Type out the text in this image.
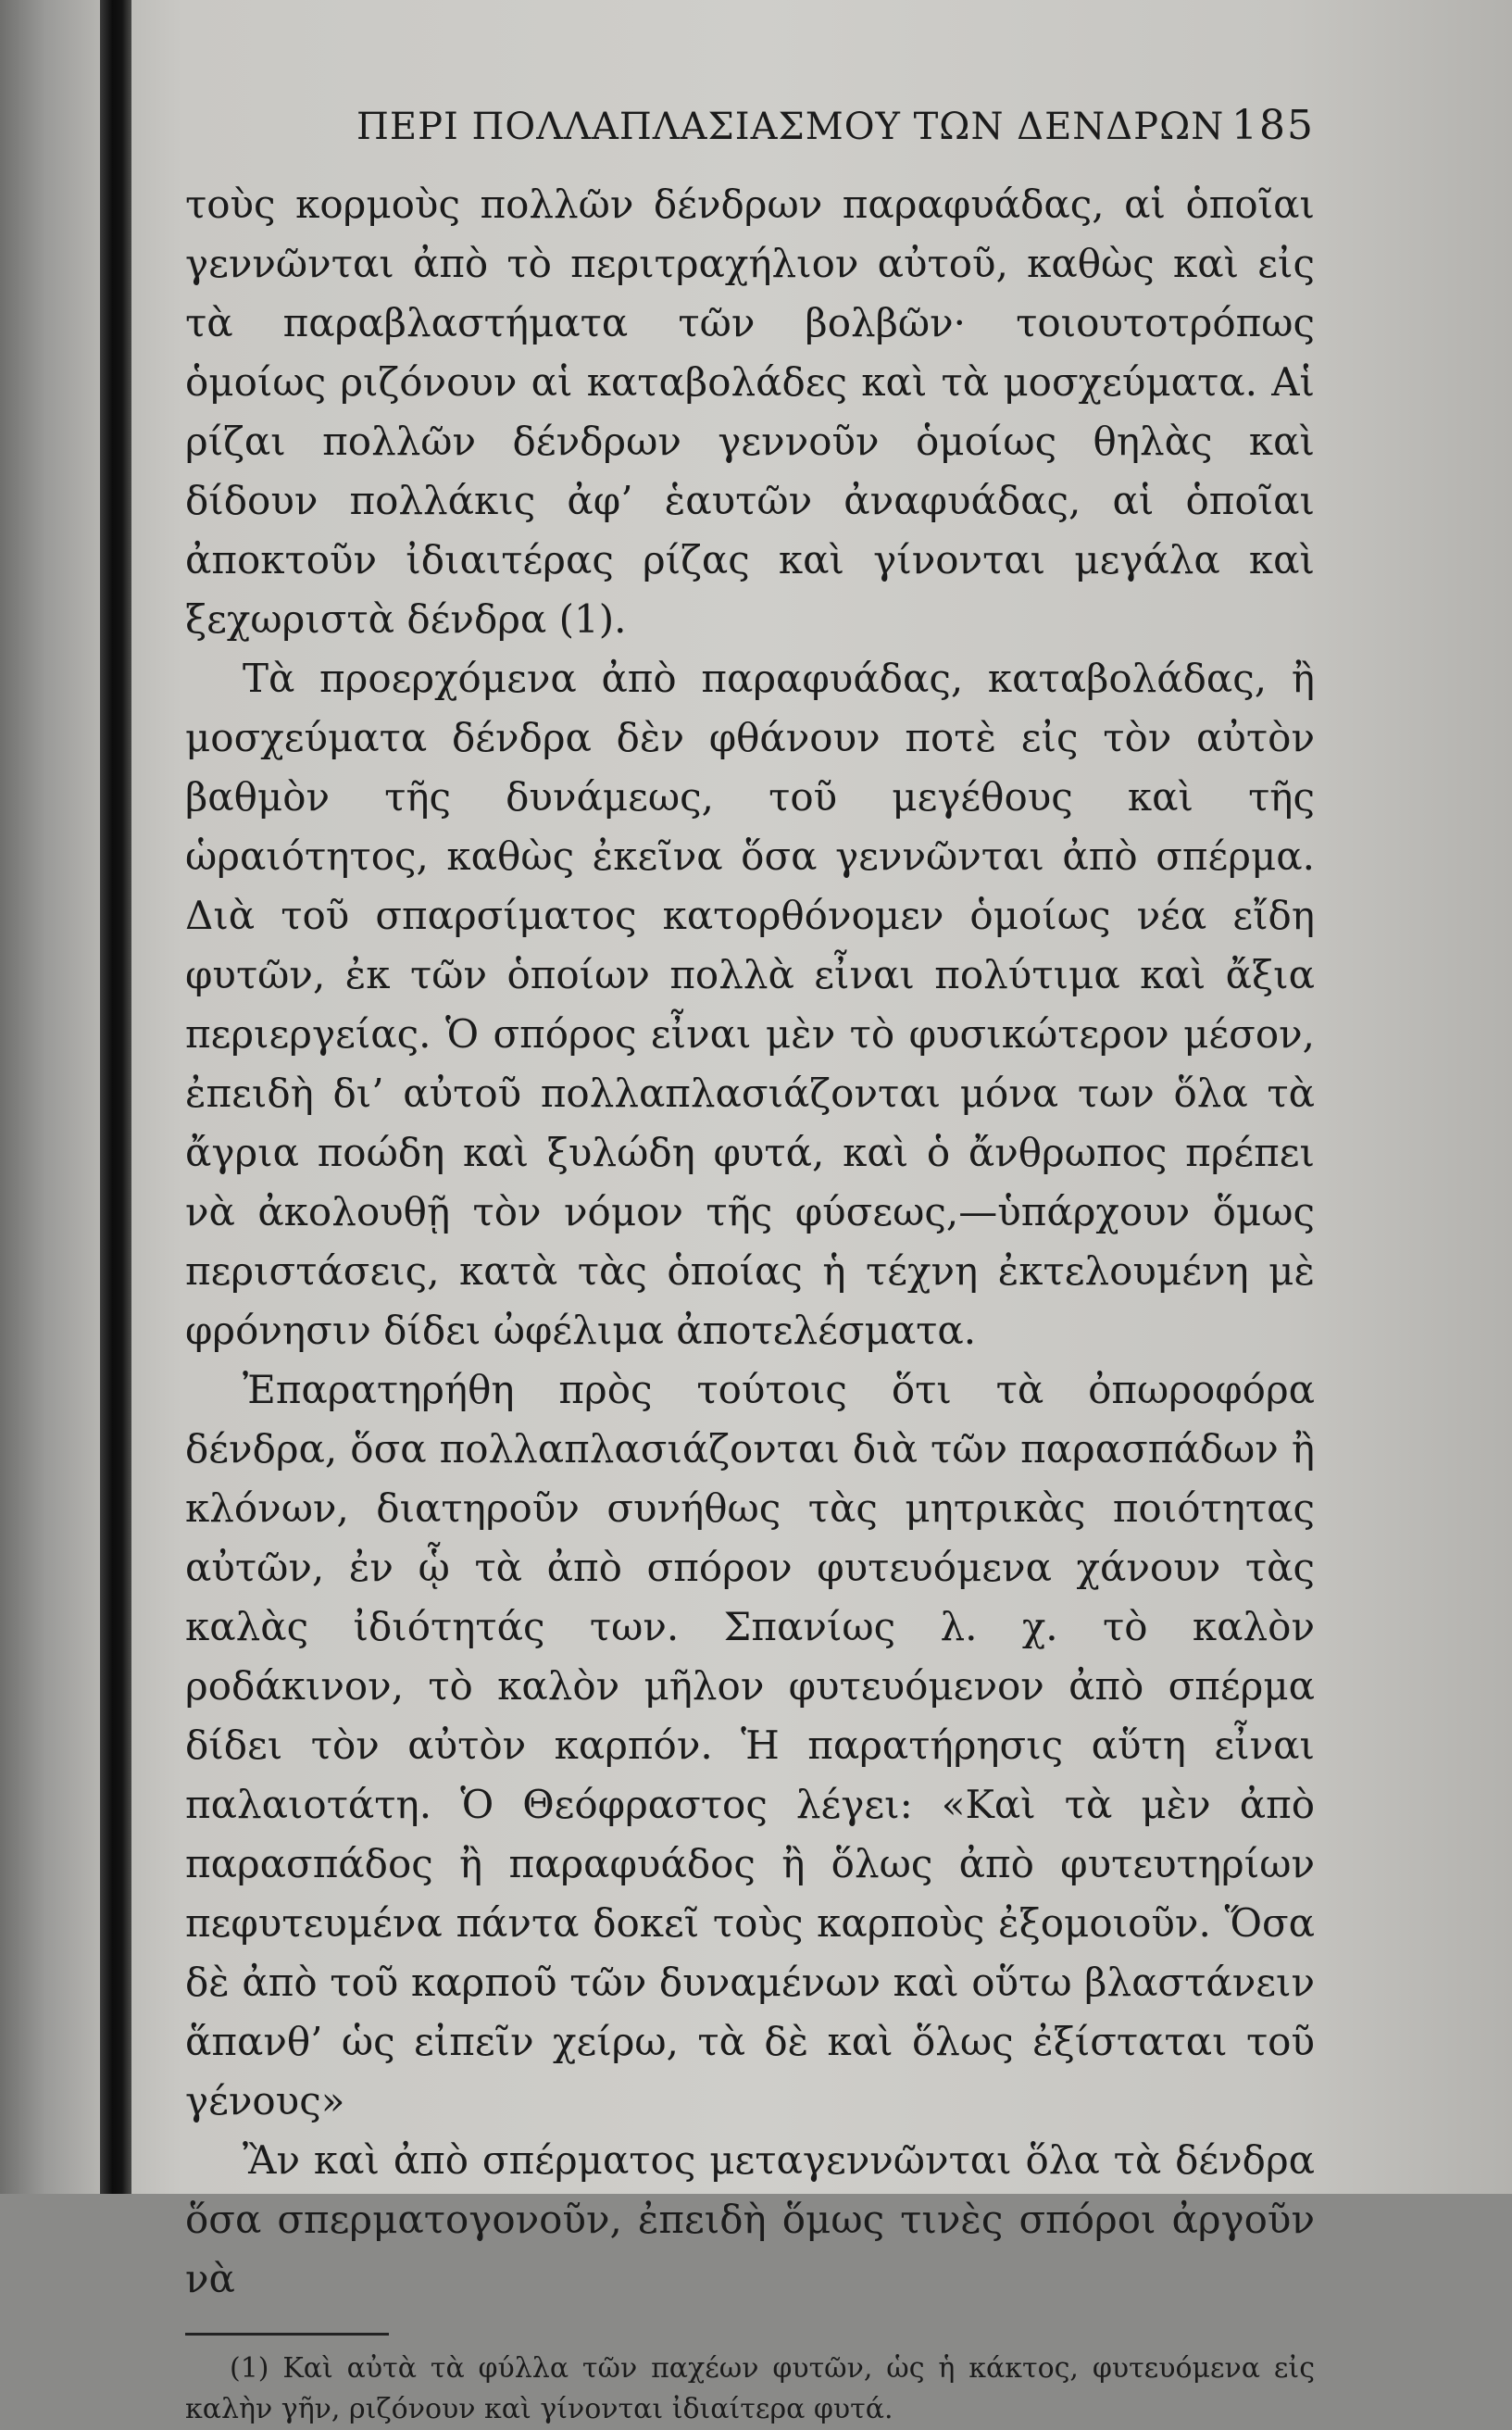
ΠΕΡΙ ΠΟΛΛΑΠΛΑΣΙΑΣΜΟΥ ΤΩΝ ΔΕΝΔΡΩΝ 185

τοὺς κορμοὺς πολλῶν δένδρων παραφυάδας, αἱ ὁποῖαι γεννῶνται ἀπὸ τὸ περιτραχήλιον αὐτοῦ, καθὼς καὶ εἰς τὰ παραβλαστήματα τῶν βολβῶν· τοιουτοτρόπως ὁμοίως ριζόνουν αἱ καταβολάδες καὶ τὰ μοσχεύματα. Αἱ ρίζαι πολλῶν δένδρων γεννοῦν ὁμοίως θηλὰς καὶ δίδουν πολλάκις ἀφ’ ἑαυτῶν ἀναφυάδας, αἱ ὁποῖαι ἀποκτοῦν ἰδιαιτέρας ρίζας καὶ γίνονται μεγάλα καὶ ξεχωριστὰ δένδρα (1).

Τὰ προερχόμενα ἀπὸ παραφυάδας, καταβολάδας, ἢ μοσχεύματα δένδρα δὲν φθάνουν ποτὲ εἰς τὸν αὐτὸν βαθμὸν τῆς δυνάμεως, τοῦ μεγέθους καὶ τῆς ὡραιότητος, καθὼς ἐκεῖνα ὅσα γεννῶνται ἀπὸ σπέρμα. Διὰ τοῦ σπαρσίματος κατορθόνομεν ὁμοίως νέα εἴδη φυτῶν, ἐκ τῶν ὁποίων πολλὰ εἶναι πολύτιμα καὶ ἄξια περιεργείας. Ὁ σπόρος εἶναι μὲν τὸ φυσικώτερον μέσον, ἐπειδὴ δι’ αὐτοῦ πολλαπλασιάζονται μόνα των ὅλα τὰ ἄγρια ποώδη καὶ ξυλώδη φυτά, καὶ ὁ ἄνθρωπος πρέπει νὰ ἀκολουθῇ τὸν νόμον τῆς φύσεως,—ὑπάρχουν ὅμως περιστάσεις, κατὰ τὰς ὁποίας ἡ τέχνη ἐκτελουμένη μὲ φρόνησιν δίδει ὠφέλιμα ἀποτελέσματα.

Ἐπαρατηρήθη πρὸς τούτοις ὅτι τὰ ὀπωροφόρα δένδρα, ὅσα πολλαπλασιάζονται διὰ τῶν παρασπάδων ἢ κλόνων, διατηροῦν συνήθως τὰς μητρικὰς ποιότητας αὐτῶν, ἐν ᾧ τὰ ἀπὸ σπόρον φυτευόμενα χάνουν τὰς καλὰς ἰδιότητάς των. Σπανίως λ. χ. τὸ καλὸν ροδάκινον, τὸ καλὸν μῆλον φυτευόμενον ἀπὸ σπέρμα δίδει τὸν αὐτὸν καρπόν. Ἡ παρατήρησις αὕτη εἶναι παλαιοτάτη. Ὁ Θεόφραστος λέγει: «Καὶ τὰ μὲν ἀπὸ παρασπάδος ἢ παραφυάδος ἢ ὅλως ἀπὸ φυτευτηρίων πεφυτευμένα πάντα δοκεῖ τοὺς καρποὺς ἐξομοιοῦν. Ὅσα δὲ ἀπὸ τοῦ καρποῦ τῶν δυναμένων καὶ οὕτω βλαστάνειν ἅπανθ’ ὡς εἰπεῖν χείρω, τὰ δὲ καὶ ὅλως ἐξίσταται τοῦ γένους»

Ἂν καὶ ἀπὸ σπέρματος μεταγεννῶνται ὅλα τὰ δένδρα ὅσα σπερματογονοῦν, ἐπειδὴ ὅμως τινὲς σπόροι ἀργοῦν νὰ

(1) Καὶ αὐτὰ τὰ φύλλα τῶν παχέων φυτῶν, ὡς ἡ κάκτος, φυτευόμενα εἰς καλὴν γῆν, ριζόνουν καὶ γίνονται ἰδιαίτερα φυτά.
